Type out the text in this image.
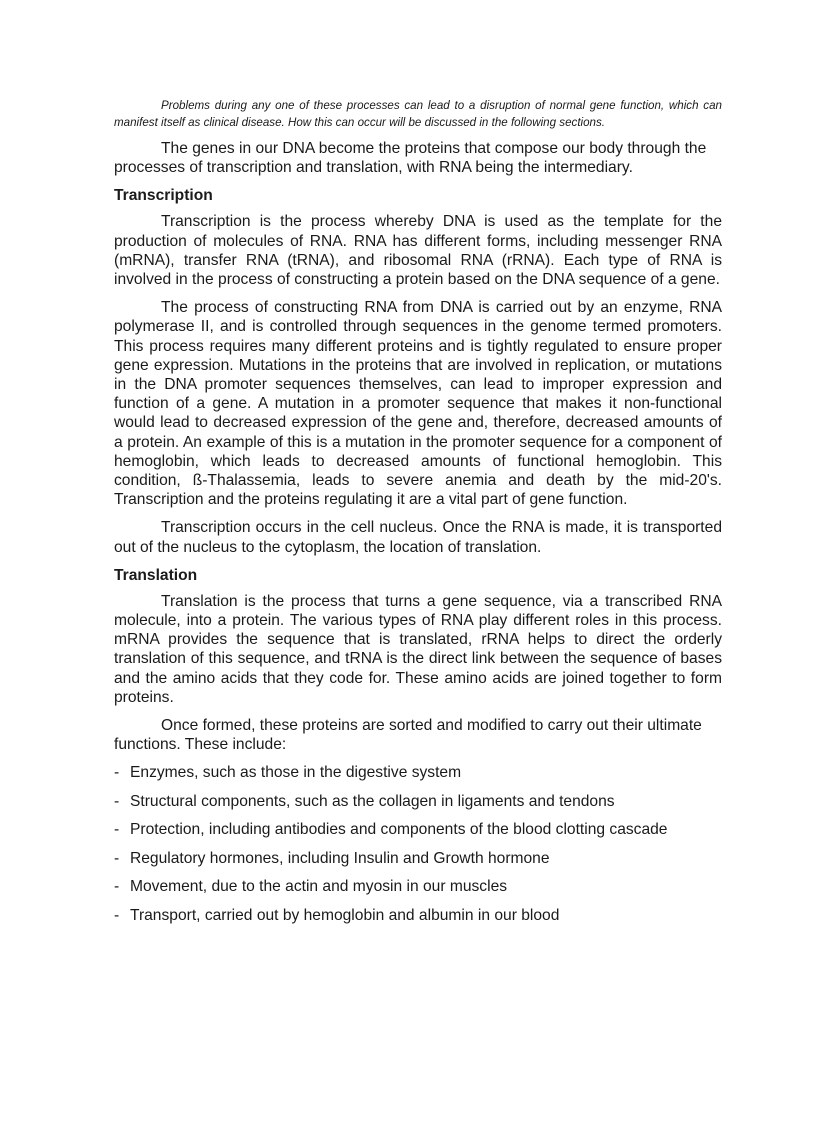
Problems during any one of these processes can lead to a disruption of normal gene function, which can manifest itself as clinical disease. How this can occur will be discussed in the following sections.

The genes in our DNA become the proteins that compose our body through the processes of transcription and translation, with RNA being the intermediary.

Transcription

Transcription is the process whereby DNA is used as the template for the production of molecules of RNA. RNA has different forms, including messenger RNA (mRNA), transfer RNA (tRNA), and ribosomal RNA (rRNA). Each type of RNA is involved in the process of constructing a protein based on the DNA sequence of a gene.

The process of constructing RNA from DNA is carried out by an enzyme, RNA polymerase II, and is controlled through sequences in the genome termed promoters. This process requires many different proteins and is tightly regulated to ensure proper gene expression. Mutations in the proteins that are involved in replication, or mutations in the DNA promoter sequences themselves, can lead to improper expression and function of a gene. A mutation in a promoter sequence that makes it non-functional would lead to decreased expression of the gene and, therefore, decreased amounts of a protein. An example of this is a mutation in the promoter sequence for a component of hemoglobin, which leads to decreased amounts of functional hemoglobin. This condition, ß-Thalassemia, leads to severe anemia and death by the mid-20's. Transcription and the proteins regulating it are a vital part of gene function.

Transcription occurs in the cell nucleus. Once the RNA is made, it is transported out of the nucleus to the cytoplasm, the location of translation.

Translation

Translation is the process that turns a gene sequence, via a transcribed RNA molecule, into a protein. The various types of RNA play different roles in this process. mRNA provides the sequence that is translated, rRNA helps to direct the orderly translation of this sequence, and tRNA is the direct link between the sequence of bases and the amino acids that they code for. These amino acids are joined together to form proteins.

Once formed, these proteins are sorted and modified to carry out their ultimate functions. These include:

- Enzymes, such as those in the digestive system
- Structural components, such as the collagen in ligaments and tendons
- Protection, including antibodies and components of the blood clotting cascade
- Regulatory hormones, including Insulin and Growth hormone
- Movement, due to the actin and myosin in our muscles
- Transport, carried out by hemoglobin and albumin in our blood
